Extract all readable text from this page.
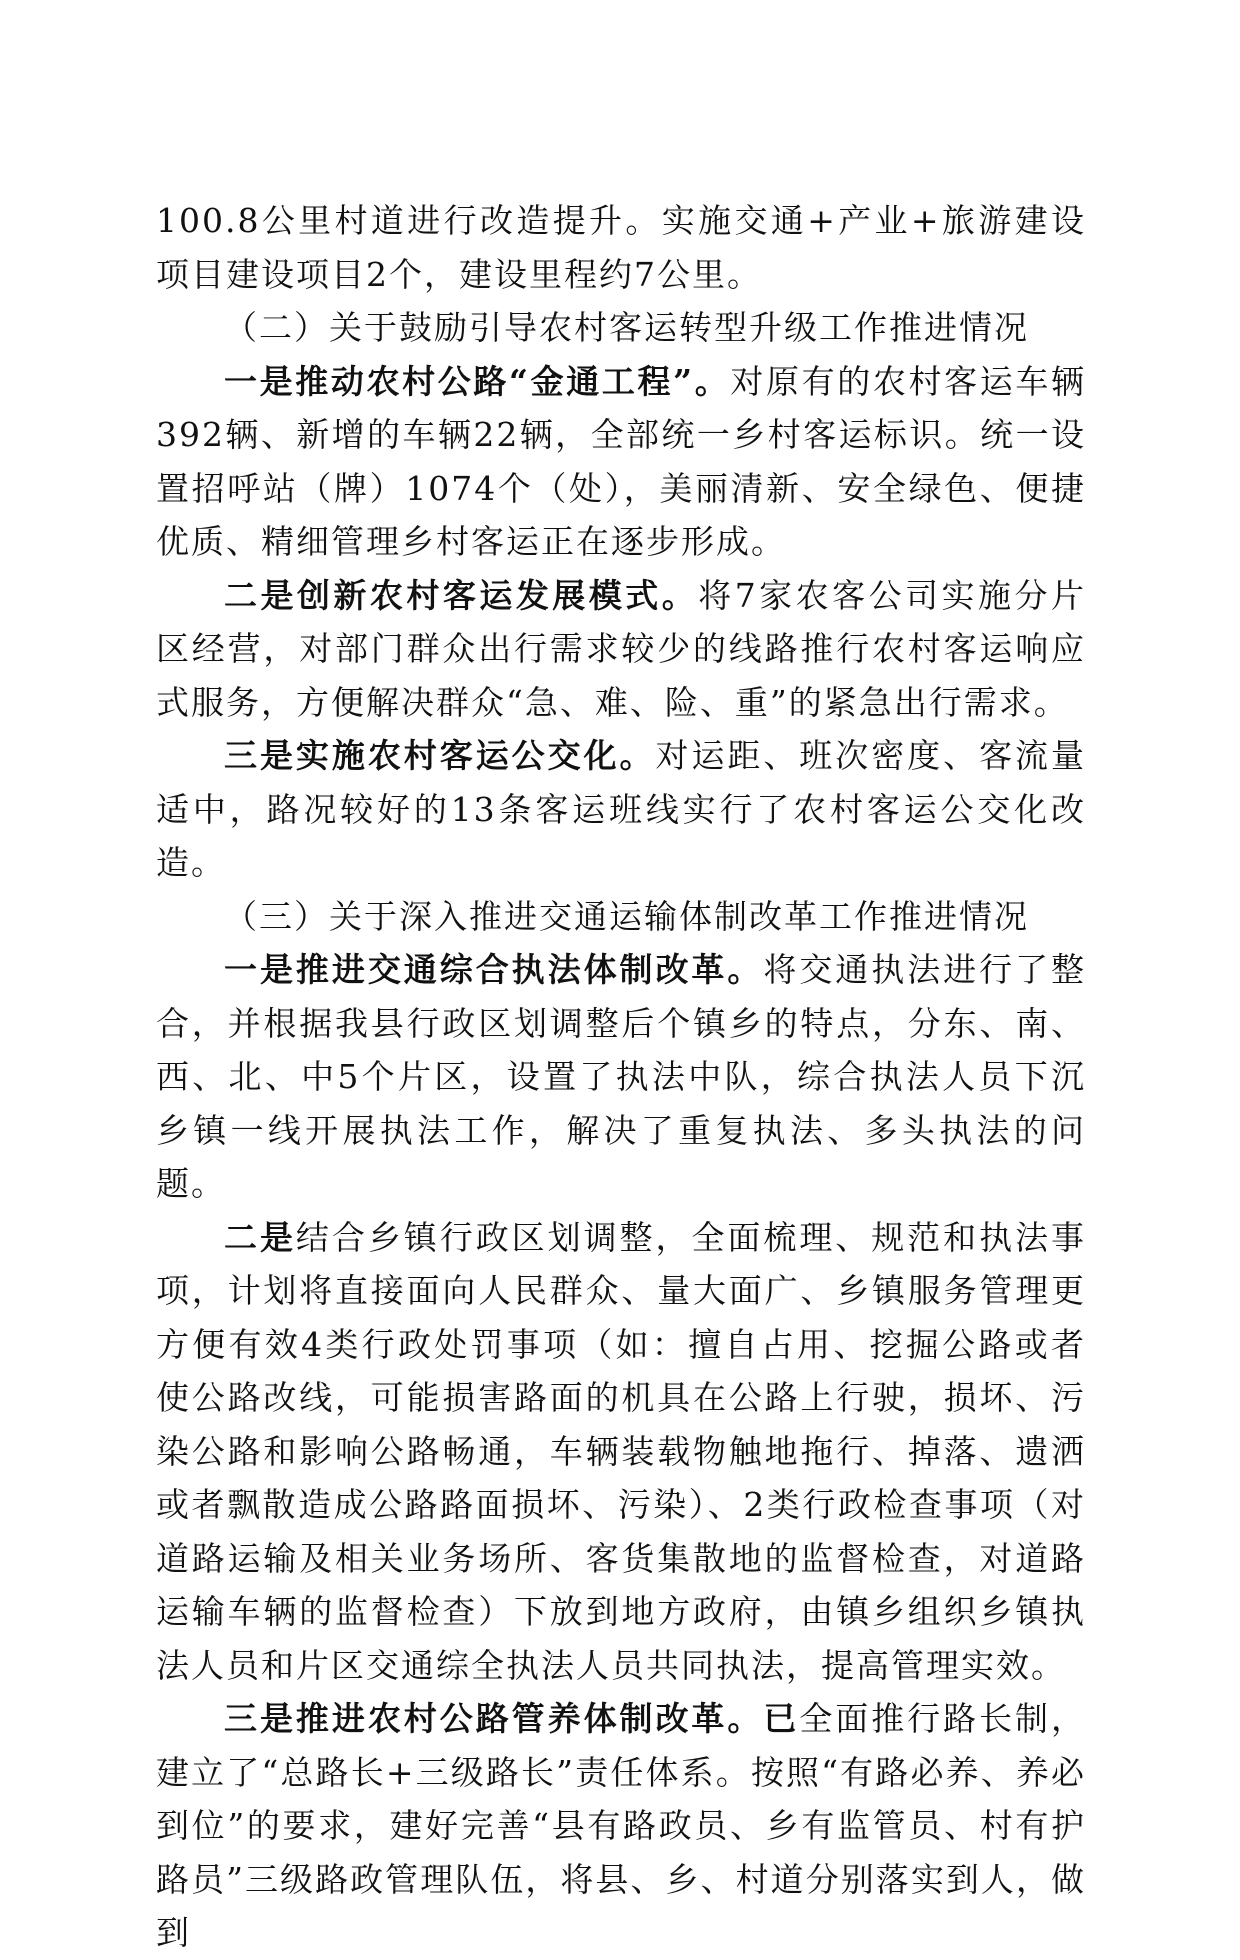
100.8公里村道进行改造提升。实施交通+产业+旅游建设项目建设项目2个，建设里程约7公里。

（二）关于鼓励引导农村客运转型升级工作推进情况

一是推动农村公路“金通工程”。对原有的农村客运车辆392辆、新增的车辆22辆，全部统一乡村客运标识。统一设置招呼站（牌）1074个（处），美丽清新、安全绿色、便捷优质、精细管理乡村客运正在逐步形成。

二是创新农村客运发展模式。将7家农客公司实施分片区经营，对部门群众出行需求较少的线路推行农村客运响应式服务，方便解决群众“急、难、险、重”的紧急出行需求。

三是实施农村客运公交化。对运距、班次密度、客流量适中，路况较好的13条客运班线实行了农村客运公交化改造。

（三）关于深入推进交通运输体制改革工作推进情况

一是推进交通综合执法体制改革。将交通执法进行了整合，并根据我县行政区划调整后个镇乡的特点，分东、南、西、北、中5个片区，设置了执法中队，综合执法人员下沉乡镇一线开展执法工作，解决了重复执法、多头执法的问题。

二是结合乡镇行政区划调整，全面梳理、规范和执法事项，计划将直接面向人民群众、量大面广、乡镇服务管理更方便有效4类行政处罚事项（如：擅自占用、挖掘公路或者使公路改线，可能损害路面的机具在公路上行驶，损坏、污染公路和影响公路畅通，车辆装载物触地拖行、掉落、遗洒或者飘散造成公路路面损坏、污染）、2类行政检查事项（对道路运输及相关业务场所、客货集散地的监督检查，对道路运输车辆的监督检查）下放到地方政府，由镇乡组织乡镇执法人员和片区交通综全执法人员共同执法，提高管理实效。

三是推进农村公路管养体制改革。已全面推行路长制，建立了“总路长+三级路长”责任体系。按照“有路必养、养必到位”的要求，建好完善“县有路政员、乡有监管员、村有护路员”三级路政管理队伍，将县、乡、村道分别落实到人，做到
